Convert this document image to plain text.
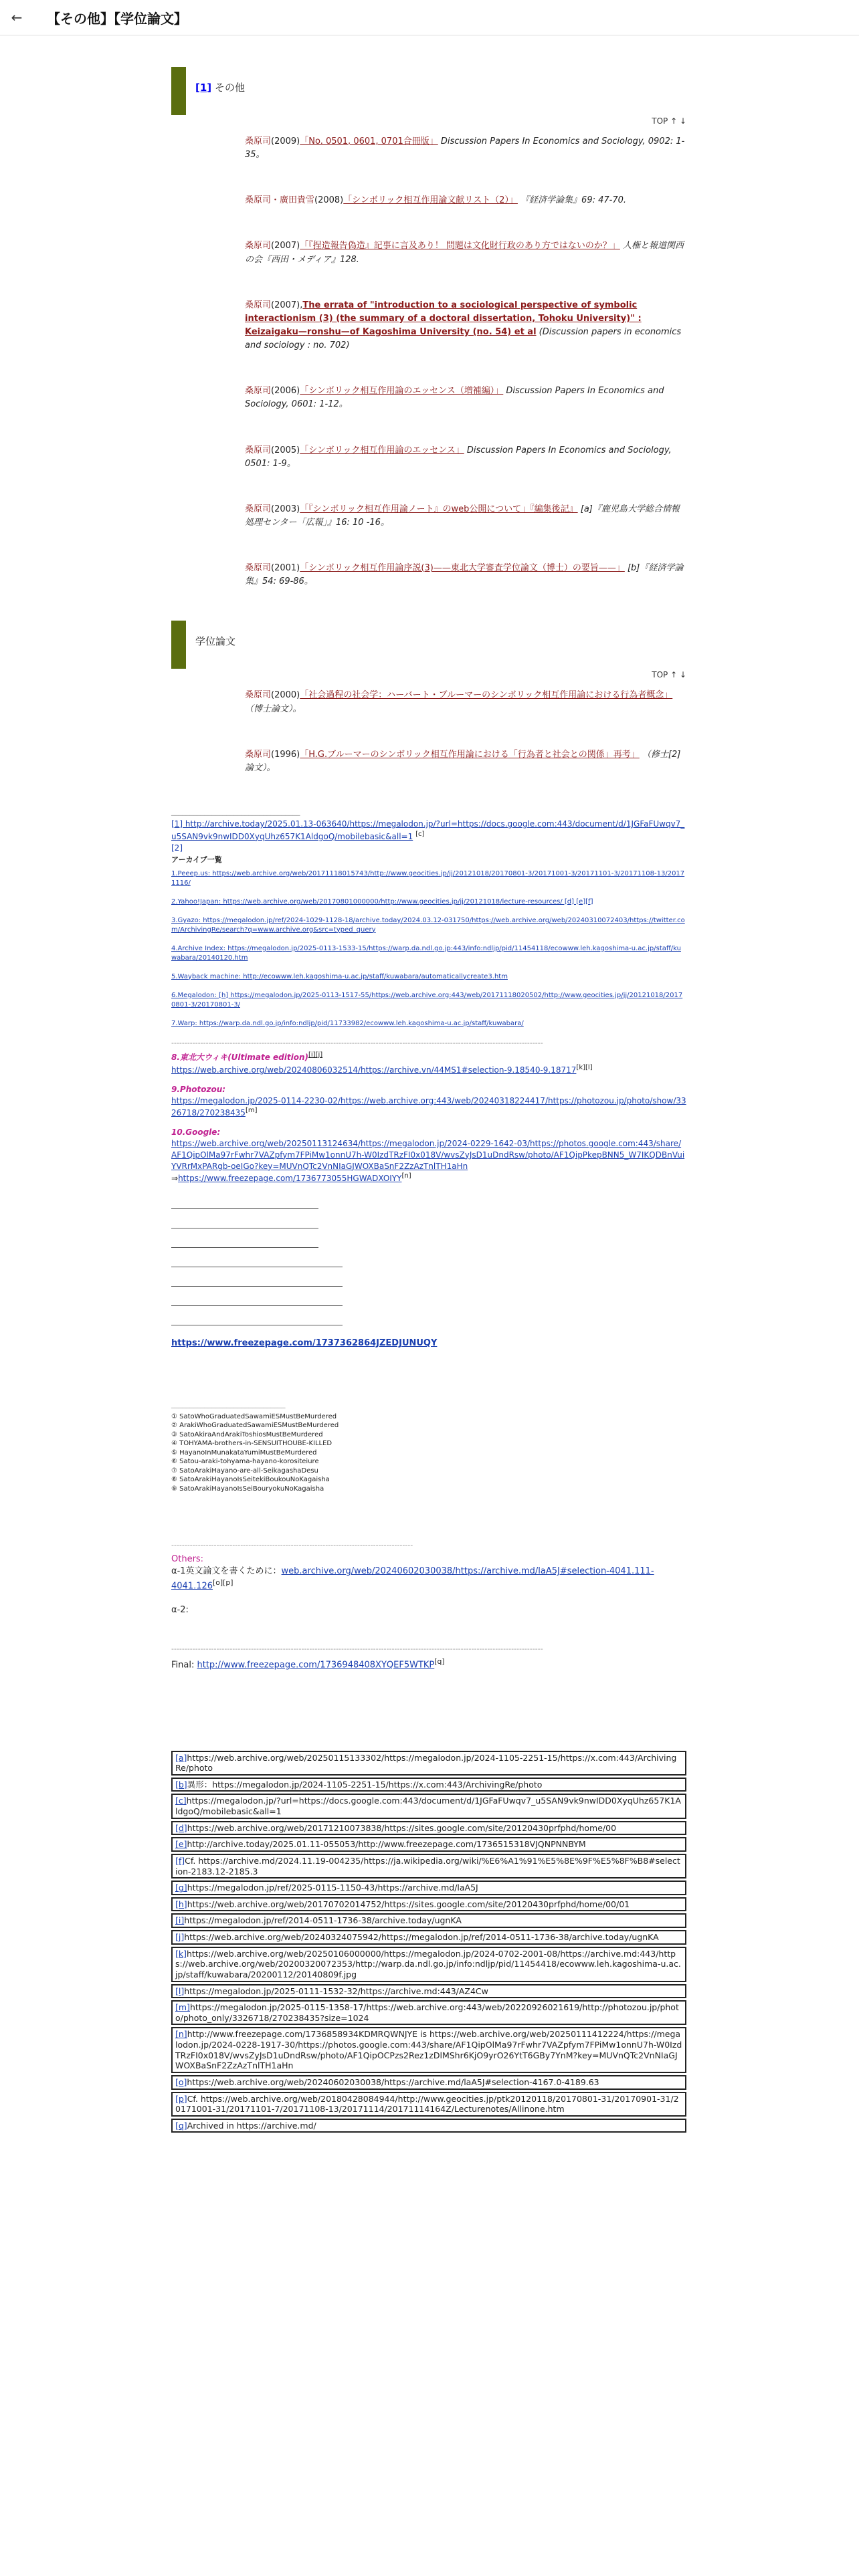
←	【その他】【学位論文】
[1] その他
TOP ↑ ↓
桑原司(2009)「No. 0501, 0601, 0701合冊版」 Discussion Papers In Economics and Sociology, 0902: 1-35。
桑原司・廣田貴雪(2008)「シンボリック相互作用論文献リスト（2）」 『経済学論集』69: 47-70.
桑原司(2007)「『捏造報告偽造』記事に言及あり！ 問題は文化財行政のあり方ではないのか？」 人権と報道関西の会『西田・メディア』128.
桑原司(2007),The errata of "introduction to a sociological perspective of symbolic interactionism (3) (the summary of a doctoral dissertation, Tohoku University)" : Keizaigaku—ronshu—of Kagoshima University (no. 54) et al (Discussion papers in economics and sociology : no. 702)
桑原司(2006)「シンボリック相互作用論のエッセンス（増補編）」 Discussion Papers In Economics and Sociology, 0601: 1-12。
桑原司(2005)「シンボリック相互作用論のエッセンス」 Discussion Papers In Economics and Sociology, 0501: 1-9。
桑原司(2003)「『シンボリック相互作用論ノート』のweb公開について」『編集後記』 [a]『鹿児島大学総合情報処理センター「広報」』16: 10 -16。
桑原司(2001)「シンボリック相互作用論序説(3)——東北大学審査学位論文（博士）の要旨——」 [b]『経済学論集』54: 69-86。
学位論文
TOP ↑ ↓
桑原司(2000)「社会過程の社会学：ハーバート・ブルーマーのシンボリック相互作用論における行為者概念」 （博士論文）。
桑原司(1996)「H.G.ブルーマーのシンボリック相互作用論における「行為者と社会との関係」再考」 （修士[2]論文）。
___________________________________
[1] http://archive.today/2025.01.13-063640/https://megalodon.jp/?url=https://docs.google.com:443/document/d/1JGFaFUwqv7_u5SAN9vk9nwIDD0XyqUhz657K1AldgoQ/mobilebasic&all=1 [c]
[2]
アーカイブ一覧
1.Peeep.us: https://web.archive.org/web/20171118015743/http://www.geocities.jp/jj/20121018/20170801-3/20171001-3/20171101-3/20171108-13/20171116/
2.Yahoo!Japan: https://web.archive.org/web/20170801000000/http://www.geocities.jp/jj/20121018/lecture-resources/ [d] [e][f]
3.Gyazo: https://megalodon.jp/ref/2024-1029-1128-18/archive.today/2024.03.12-031750/https://web.archive.org/web/20240310072403/https://twitter.com/ArchivingRe/search?q=www.archive.org&src=typed_query
4.Archive Index: https://megalodon.jp/2025-0113-1533-15/https://warp.da.ndl.go.jp:443/info:ndljp/pid/11454118/ecowww.leh.kagoshima-u.ac.jp/staff/kuwabara/20140120.htm
5.Wayback machine: http://ecowww.leh.kagoshima-u.ac.jp/staff/kuwabara/automaticallycreate3.htm
6.Megalodon: [h] https://megalodon.jp/2025-0113-1517-55/https://web.archive.org:443/web/20171118020502/http://www.geocities.jp/jj/20121018/20170801-3/20170801-3/
7.Warp: https://warp.da.ndl.go.jp/info:ndljp/pid/11733982/ecowww.leh.kagoshima-u.ac.jp/staff/kuwabara/
--------------------------------------------------------------------------------------------------------------------------------------------
8.東北大ウィキ(Ultimate edition)[i][j]
https://web.archive.org/web/20240806032514/https://archive.vn/44MS1#selection-9.18540-9.18717[k][l]
9.Photozou:
https://megalodon.jp/2025-0114-2230-02/https://web.archive.org:443/web/20240318224417/https://photozou.jp/photo/show/3326718/270238435[m]
10.Google:
https://web.archive.org/web/20250113124634/https://megalodon.jp/2024-0229-1642-03/https://photos.google.com:443/share/AF1QipOlMa97rFwhr7VAZpfym7FPiMw1onnU7h-W0IzdTRzFI0x018V/wvsZyJsD1uDndRsw/photo/AF1QipPkepBNN5_W7IKQDBnVuiYVRrMxPARgb-oeIGo?key=MUVnQTc2VnNIaGJWOXBaSnF2ZzAzTnlTH1aHn
⇒https://www.freezepage.com/1736773055HGWADXOIYY[n]
https://www.freezepage.com/1737362864JZEDJUNUQY
_______________________________
① SatoWhoGraduatedSawamiESMustBeMurdered
② ArakiWhoGraduatedSawamiESMustBeMurdered
③ SatoAkiraAndArakiToshiosMustBeMurdered
④ TOHYAMA-brothers-in-SENSUITHOUBE-KILLED
⑤ HayanoInMunakataYumiMustBeMurdered
⑥ Satou-araki-tohyama-hayano-korositeiure
⑦ SatoArakiHayano-are-all-SeikagashaDesu
⑧ SatoArakiHayanoIsSeitekiBoukouNoKagaisha
⑨ SatoArakiHayanoIsSeiBouryokuNoKagaisha
-------------------------------------------------------------------------------------------
Others:
α-1英文論文を書くために：web.archive.org/web/20240602030038/https://archive.md/laA5J#selection-4041.111-4041.126[o][p]
α-2:
--------------------------------------------------------------------------------------------------------------------------------------------
Final: http://www.freezepage.com/1736948408XYQEF5WTKP[q]
[a]https://web.archive.org/web/20250115133302/https://megalodon.jp/2024-1105-2251-15/https://x.com:443/ArchivingRe/photo
[b]異形：https://megalodon.jp/2024-1105-2251-15/https://x.com:443/ArchivingRe/photo
[c]https://megalodon.jp/?url=https://docs.google.com:443/document/d/1JGFaFUwqv7_u5SAN9vk9nwIDD0XyqUhz657K1AldgoQ/mobilebasic&all=1
[d]https://web.archive.org/web/20171210073838/https://sites.google.com/site/20120430prfphd/home/00
[e]http://archive.today/2025.01.11-055053/http://www.freezepage.com/1736515318VJQNPNNBYM
[f]Cf. https://archive.md/2024.11.19-004235/https://ja.wikipedia.org/wiki/%E6%A1%91%E5%8E%9F%E5%8F%B8#selection-2183.12-2185.3
[g]https://megalodon.jp/ref/2025-0115-1150-43/https://archive.md/laA5J
[h]https://web.archive.org/web/20170702014752/https://sites.google.com/site/20120430prfphd/home/00/01
[i]https://megalodon.jp/ref/2014-0511-1736-38/archive.today/ugnKA
[j]https://web.archive.org/web/20240324075942/https://megalodon.jp/ref/2014-0511-1736-38/archive.today/ugnKA
[k]https://web.archive.org/web/20250106000000/https://megalodon.jp/2024-0702-2001-08/https://archive.md:443/https://web.archive.org/web/20200320072353/http://warp.da.ndl.go.jp/info:ndljp/pid/11454418/ecowww.leh.kagoshima-u.ac.jp/staff/kuwabara/20200112/20140809f.jpg
[l]https://megalodon.jp/2025-0111-1532-32/https://archive.md:443/AZ4Cw
[m]https://megalodon.jp/2025-0115-1358-17/https://web.archive.org:443/web/20220926021619/http://photozou.jp/photo/photo_only/3326718/270238435?size=1024
[n]http://www.freezepage.com/1736858934KDMRQWNJYE is https://web.archive.org/web/20250111412224/https://megalodon.jp/2024-0228-1917-30/https://photos.google.com:443/share/AF1QipOlMa97rFwhr7VAZpfym7FPiMw1onnU7h-W0IzdTRzFI0x018V/wvsZyJsD1uDndRsw/photo/AF1QipOCPzs2Rez1zDlMShr6KjO9yrO26YtT6GBy7YnM?key=MUVnQTc2VnNIaGJWOXBaSnF2ZzAzTnlTH1aHn
[o]https://web.archive.org/web/20240602030038/https://archive.md/laA5J#selection-4167.0-4189.63
[p]Cf. https://web.archive.org/web/20180428084944/http://www.geocities.jp/ptk20120118/20170801-31/20170901-31/20171001-31/20171101-7/20171108-13/20171114/20171114164Z/Lecturenotes/Allinone.htm
[q]Archived in https://archive.md/
